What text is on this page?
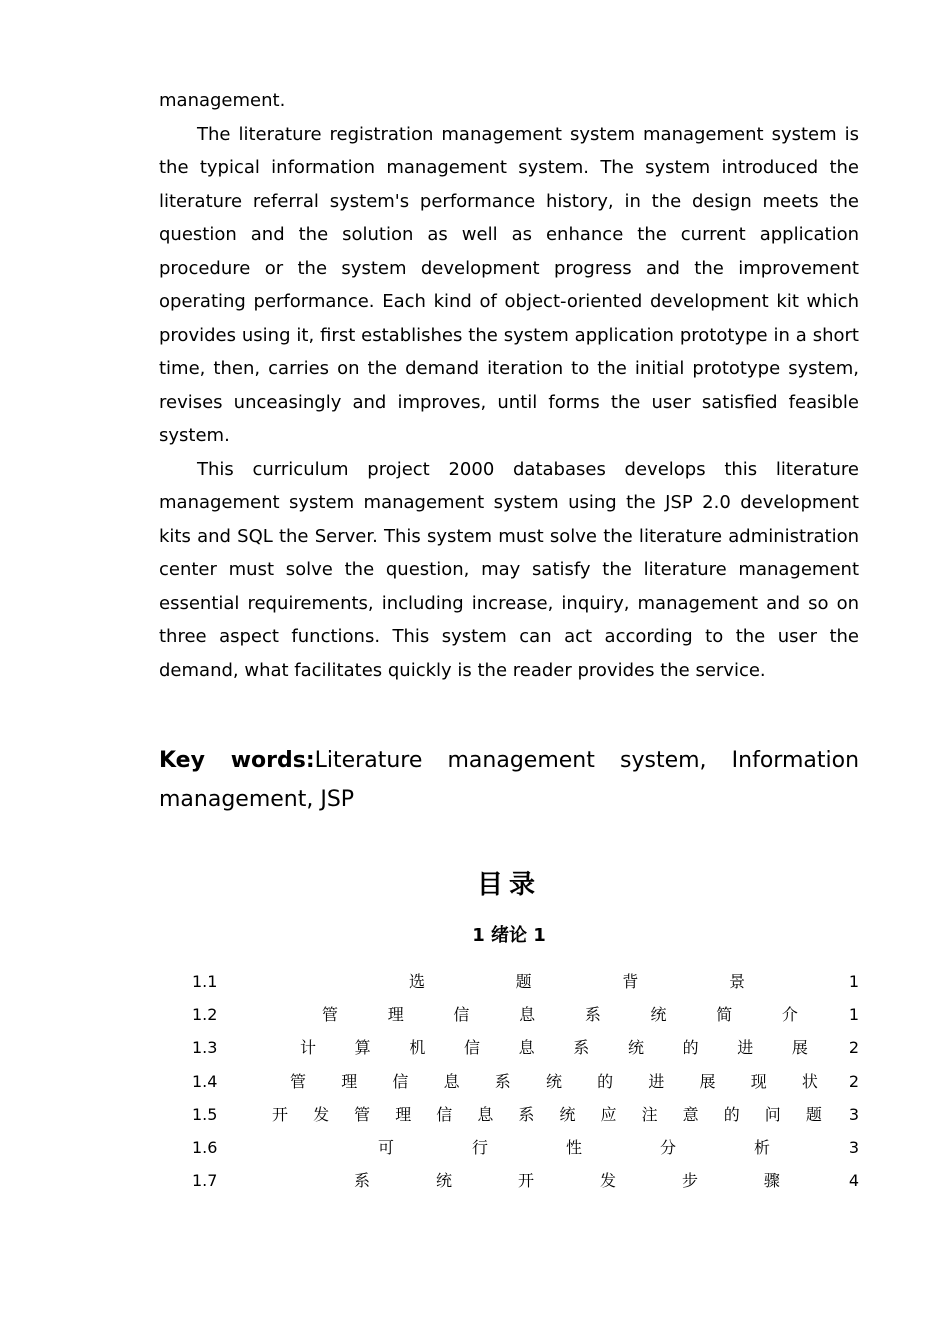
management.

The literature registration management system management system is the typical information management system. The system introduced the literature referral system's performance history, in the design meets the question and the solution as well as enhance the current application procedure or the system development progress and the improvement operating performance. Each kind of object-oriented development kit which provides using it, first establishes the system application prototype in a short time, then, carries on the demand iteration to the initial prototype system, revises unceasingly and improves, until forms the user satisfied feasible system.

This curriculum project 2000 databases develops this literature management system management system using the JSP 2.0 development kits and SQL the Server. This system must solve the literature administration center must solve the question, may satisfy the literature management essential requirements, including increase, inquiry, management and so on three aspect functions. This system can act according to the user the demand, what facilitates quickly is the reader provides the service.

Key words:Literature management system, Information management, JSP

目录
1 绪论 1
1.1	选	题	背	景	1
1.2	管	理	信	息	系	统	简	介	1
1.3	计 算 机 信 息 系 统 的 进 展	2
1.4	管 理 信 息 系 统 的 进 展 现 状 2
1.5	开 发 管 理 信 息 系 统 应 注 意 的 问 题 3
1.6	可	行	性	分	析	3
1.7	系	统	开	发	步	骤	4
